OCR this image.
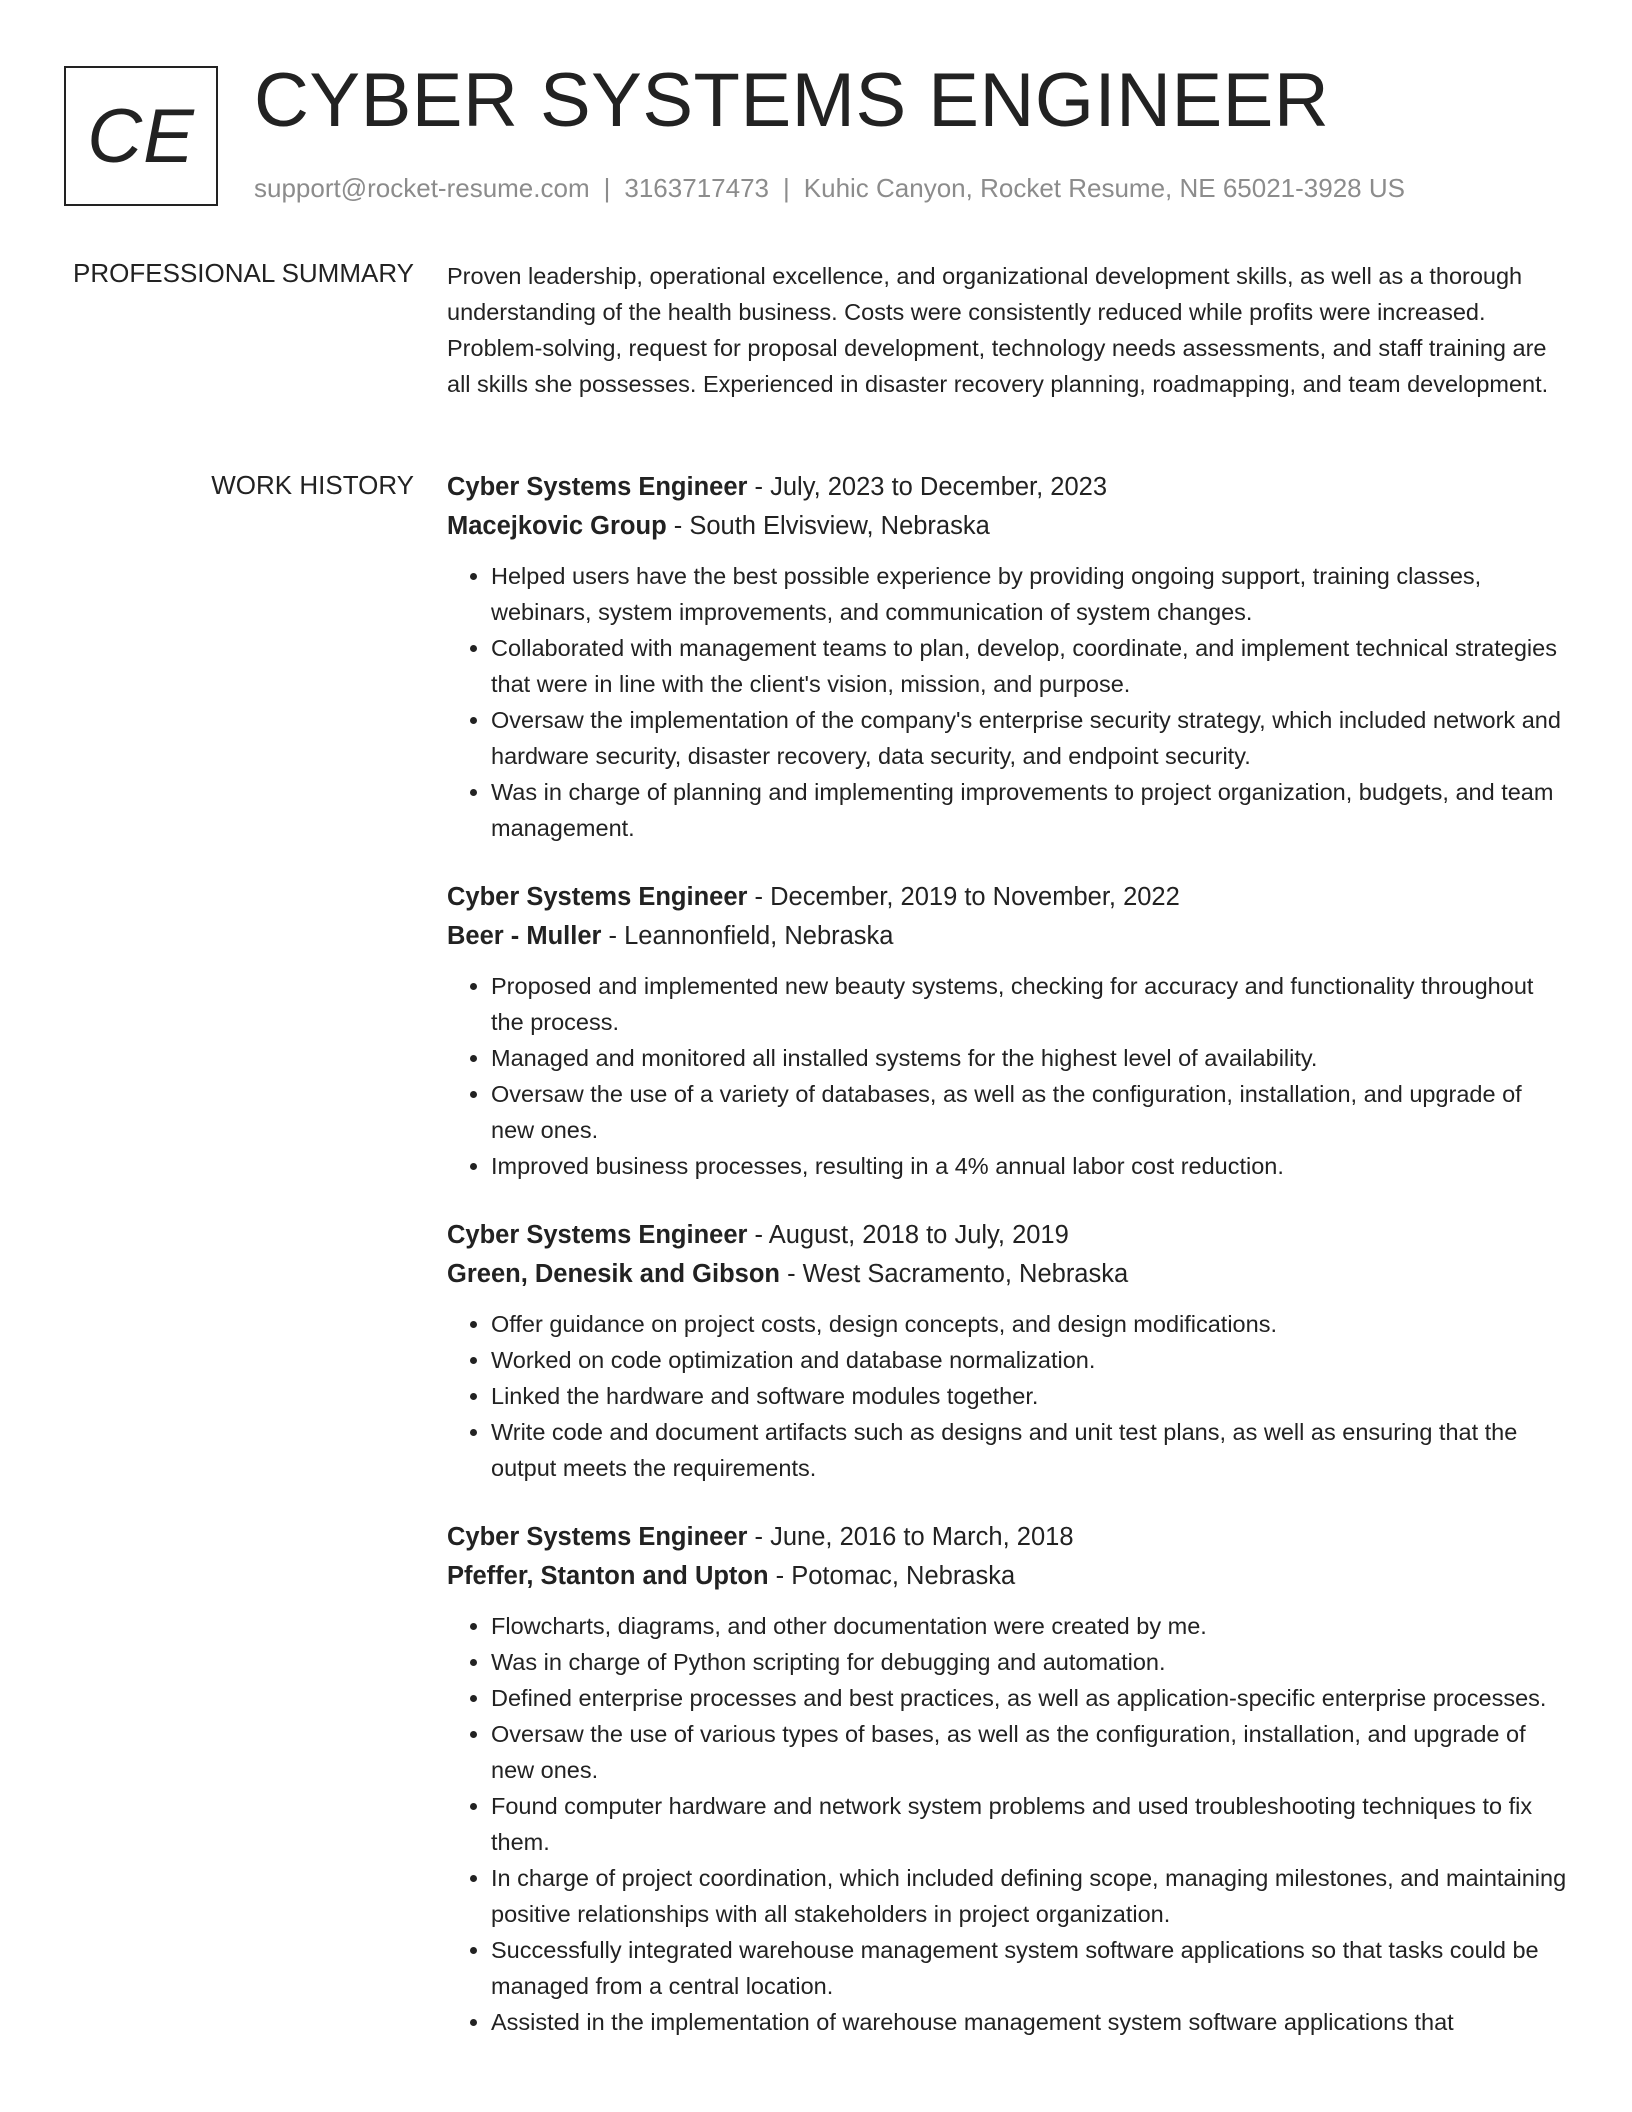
CE CYBER SYSTEMS ENGINEER
support@rocket-resume.com | 3163717473 | Kuhic Canyon, Rocket Resume, NE 65021-3928 US
PROFESSIONAL SUMMARY Proven leadership, operational excellence, and organizational development skills, as well as a thorough understanding of the health business. Costs were consistently reduced while profits were increased. Problem-solving, request for proposal development, technology needs assessments, and staff training are all skills she possesses. Experienced in disaster recovery planning, roadmapping, and team development.

WORK HISTORY Cyber Systems Engineer - July, 2023 to December, 2023
Macejkovic Group - South Elvisview, Nebraska
• Helped users have the best possible experience by providing ongoing support, training classes, webinars, system improvements, and communication of system changes.
• Collaborated with management teams to plan, develop, coordinate, and implement technical strategies that were in line with the client's vision, mission, and purpose.
• Oversaw the implementation of the company's enterprise security strategy, which included network and hardware security, disaster recovery, data security, and endpoint security.
• Was in charge of planning and implementing improvements to project organization, budgets, and team management.
Cyber Systems Engineer - December, 2019 to November, 2022
Beer - Muller - Leannonfield, Nebraska
• Proposed and implemented new beauty systems, checking for accuracy and functionality throughout the process.
• Managed and monitored all installed systems for the highest level of availability.
• Oversaw the use of a variety of databases, as well as the configuration, installation, and upgrade of new ones.
• Improved business processes, resulting in a 4% annual labor cost reduction.
Cyber Systems Engineer - August, 2018 to July, 2019
Green, Denesik and Gibson - West Sacramento, Nebraska
• Offer guidance on project costs, design concepts, and design modifications.
• Worked on code optimization and database normalization.
• Linked the hardware and software modules together.
• Write code and document artifacts such as designs and unit test plans, as well as ensuring that the output meets the requirements.
Cyber Systems Engineer - June, 2016 to March, 2018
Pfeffer, Stanton and Upton - Potomac, Nebraska
• Flowcharts, diagrams, and other documentation were created by me.
• Was in charge of Python scripting for debugging and automation.
• Defined enterprise processes and best practices, as well as application-specific enterprise processes.
• Oversaw the use of various types of bases, as well as the configuration, installation, and upgrade of new ones.
• Found computer hardware and network system problems and used troubleshooting techniques to fix them.
• In charge of project coordination, which included defining scope, managing milestones, and maintaining positive relationships with all stakeholders in project organization.
• Successfully integrated warehouse management system software applications so that tasks could be managed from a central location.
• Assisted in the implementation of warehouse management system software applications that
